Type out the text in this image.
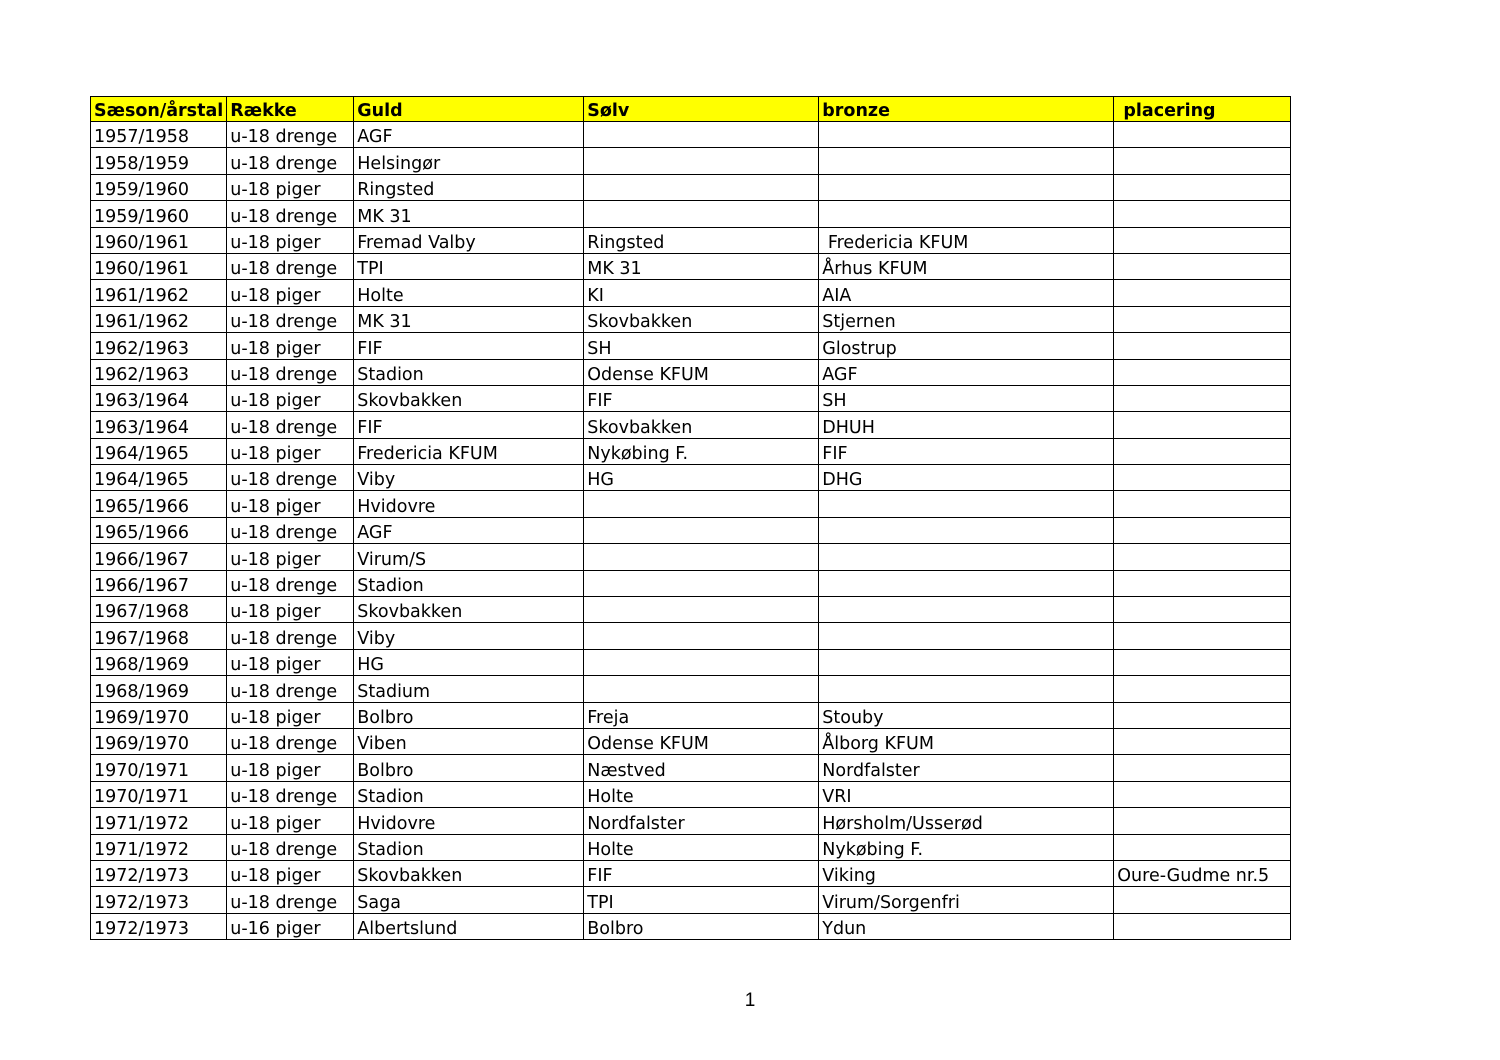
Sæson/årstal	Række	Guld	Sølv	bronze	placering
1957/1958	u-18 drenge	AGF			
1958/1959	u-18 drenge	Helsingør			
1959/1960	u-18 piger	Ringsted			
1959/1960	u-18 drenge	MK 31			
1960/1961	u-18 piger	Fremad Valby	Ringsted	Fredericia KFUM	
1960/1961	u-18 drenge	TPI	MK 31	Århus KFUM	
1961/1962	u-18 piger	Holte	KI	AIA	
1961/1962	u-18 drenge	MK 31	Skovbakken	Stjernen	
1962/1963	u-18 piger	FIF	SH	Glostrup	
1962/1963	u-18 drenge	Stadion	Odense KFUM	AGF	
1963/1964	u-18 piger	Skovbakken	FIF	SH	
1963/1964	u-18 drenge	FIF	Skovbakken	DHUH	
1964/1965	u-18 piger	Fredericia KFUM	Nykøbing F.	FIF	
1964/1965	u-18 drenge	Viby	HG	DHG	
1965/1966	u-18 piger	Hvidovre			
1965/1966	u-18 drenge	AGF			
1966/1967	u-18 piger	Virum/S			
1966/1967	u-18 drenge	Stadion			
1967/1968	u-18 piger	Skovbakken			
1967/1968	u-18 drenge	Viby			
1968/1969	u-18 piger	HG			
1968/1969	u-18 drenge	Stadium			
1969/1970	u-18 piger	Bolbro	Freja	Stouby	
1969/1970	u-18 drenge	Viben	Odense KFUM	Ålborg KFUM	
1970/1971	u-18 piger	Bolbro	Næstved	Nordfalster	
1970/1971	u-18 drenge	Stadion	Holte	VRI	
1971/1972	u-18 piger	Hvidovre	Nordfalster	Hørsholm/Usserød	
1971/1972	u-18 drenge	Stadion	Holte	Nykøbing F.	
1972/1973	u-18 piger	Skovbakken	FIF	Viking	Oure-Gudme nr.5
1972/1973	u-18 drenge	Saga	TPI	Virum/Sorgenfri	
1972/1973	u-16 piger	Albertslund	Bolbro	Ydun	
1
